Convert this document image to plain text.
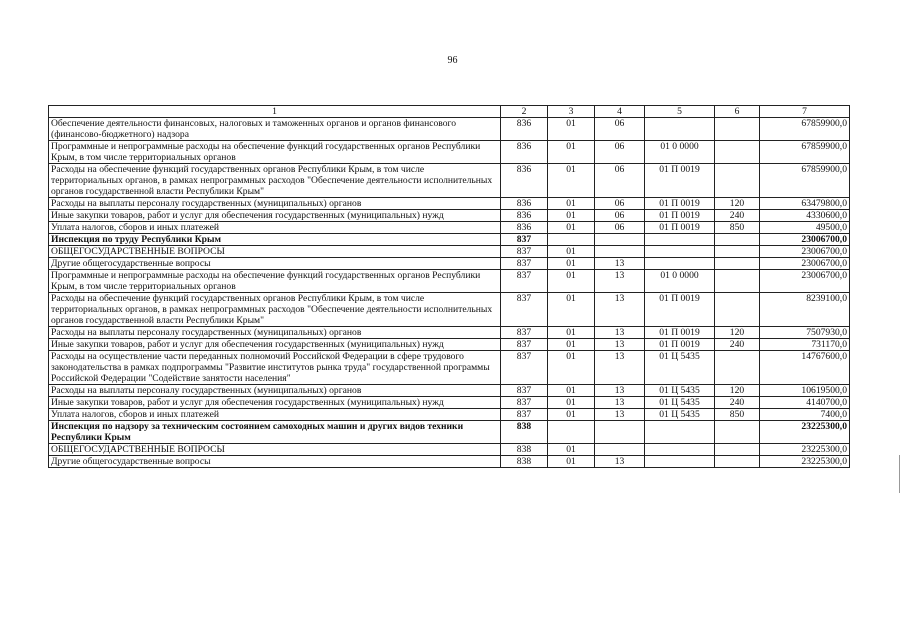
96
1	2	3	4	5	6	7
Обеспечение деятельности финансовых, налоговых и таможенных органов и органов финансового (финансово-бюджетного) надзора	836	01	06			67859900,0
Программные и непрограммные расходы на обеспечение функций государственных органов Республики Крым, в том числе территориальных органов	836	01	06	01 0 0000		67859900,0
Расходы на обеспечение функций государственных органов Республики Крым, в том числе территориальных органов, в рамках непрограммных расходов "Обеспечение деятельности исполнительных органов государственной власти Республики Крым"	836	01	06	01 П 0019		67859900,0
Расходы на выплаты персоналу государственных (муниципальных) органов	836	01	06	01 П 0019	120	63479800,0
Иные закупки товаров, работ и услуг для обеспечения государственных (муниципальных) нужд	836	01	06	01 П 0019	240	4330600,0
Уплата налогов, сборов и иных платежей	836	01	06	01 П 0019	850	49500,0
Инспекция по труду Республики Крым	837					23006700,0
ОБЩЕГОСУДАРСТВЕННЫЕ ВОПРОСЫ	837	01				23006700,0
Другие общегосударственные вопросы	837	01	13			23006700,0
Программные и непрограммные расходы на обеспечение функций государственных органов Республики Крым, в том числе территориальных органов	837	01	13	01 0 0000		23006700,0
Расходы на обеспечение функций государственных органов Республики Крым, в том числе территориальных органов, в рамках непрограммных расходов "Обеспечение деятельности исполнительных органов государственной власти Республики Крым"	837	01	13	01 П 0019		8239100,0
Расходы на выплаты персоналу государственных (муниципальных) органов	837	01	13	01 П 0019	120	7507930,0
Иные закупки товаров, работ и услуг для обеспечения государственных (муниципальных) нужд	837	01	13	01 П 0019	240	731170,0
Расходы на осуществление части переданных полномочий Российской Федерации в сфере трудового законодательства в рамках подпрограммы "Развитие институтов рынка труда" государственной программы Российской Федерации "Содействие занятости населения"	837	01	13	01 Ц 5435		14767600,0
Расходы на выплаты персоналу государственных (муниципальных) органов	837	01	13	01 Ц 5435	120	10619500,0
Иные закупки товаров, работ и услуг для обеспечения государственных (муниципальных) нужд	837	01	13	01 Ц 5435	240	4140700,0
Уплата налогов, сборов и иных платежей	837	01	13	01 Ц 5435	850	7400,0
Инспекция по надзору за техническим состоянием самоходных машин и других видов техники Республики Крым	838					23225300,0
ОБЩЕГОСУДАРСТВЕННЫЕ ВОПРОСЫ	838	01				23225300,0
Другие общегосударственные вопросы	838	01	13			23225300,0
